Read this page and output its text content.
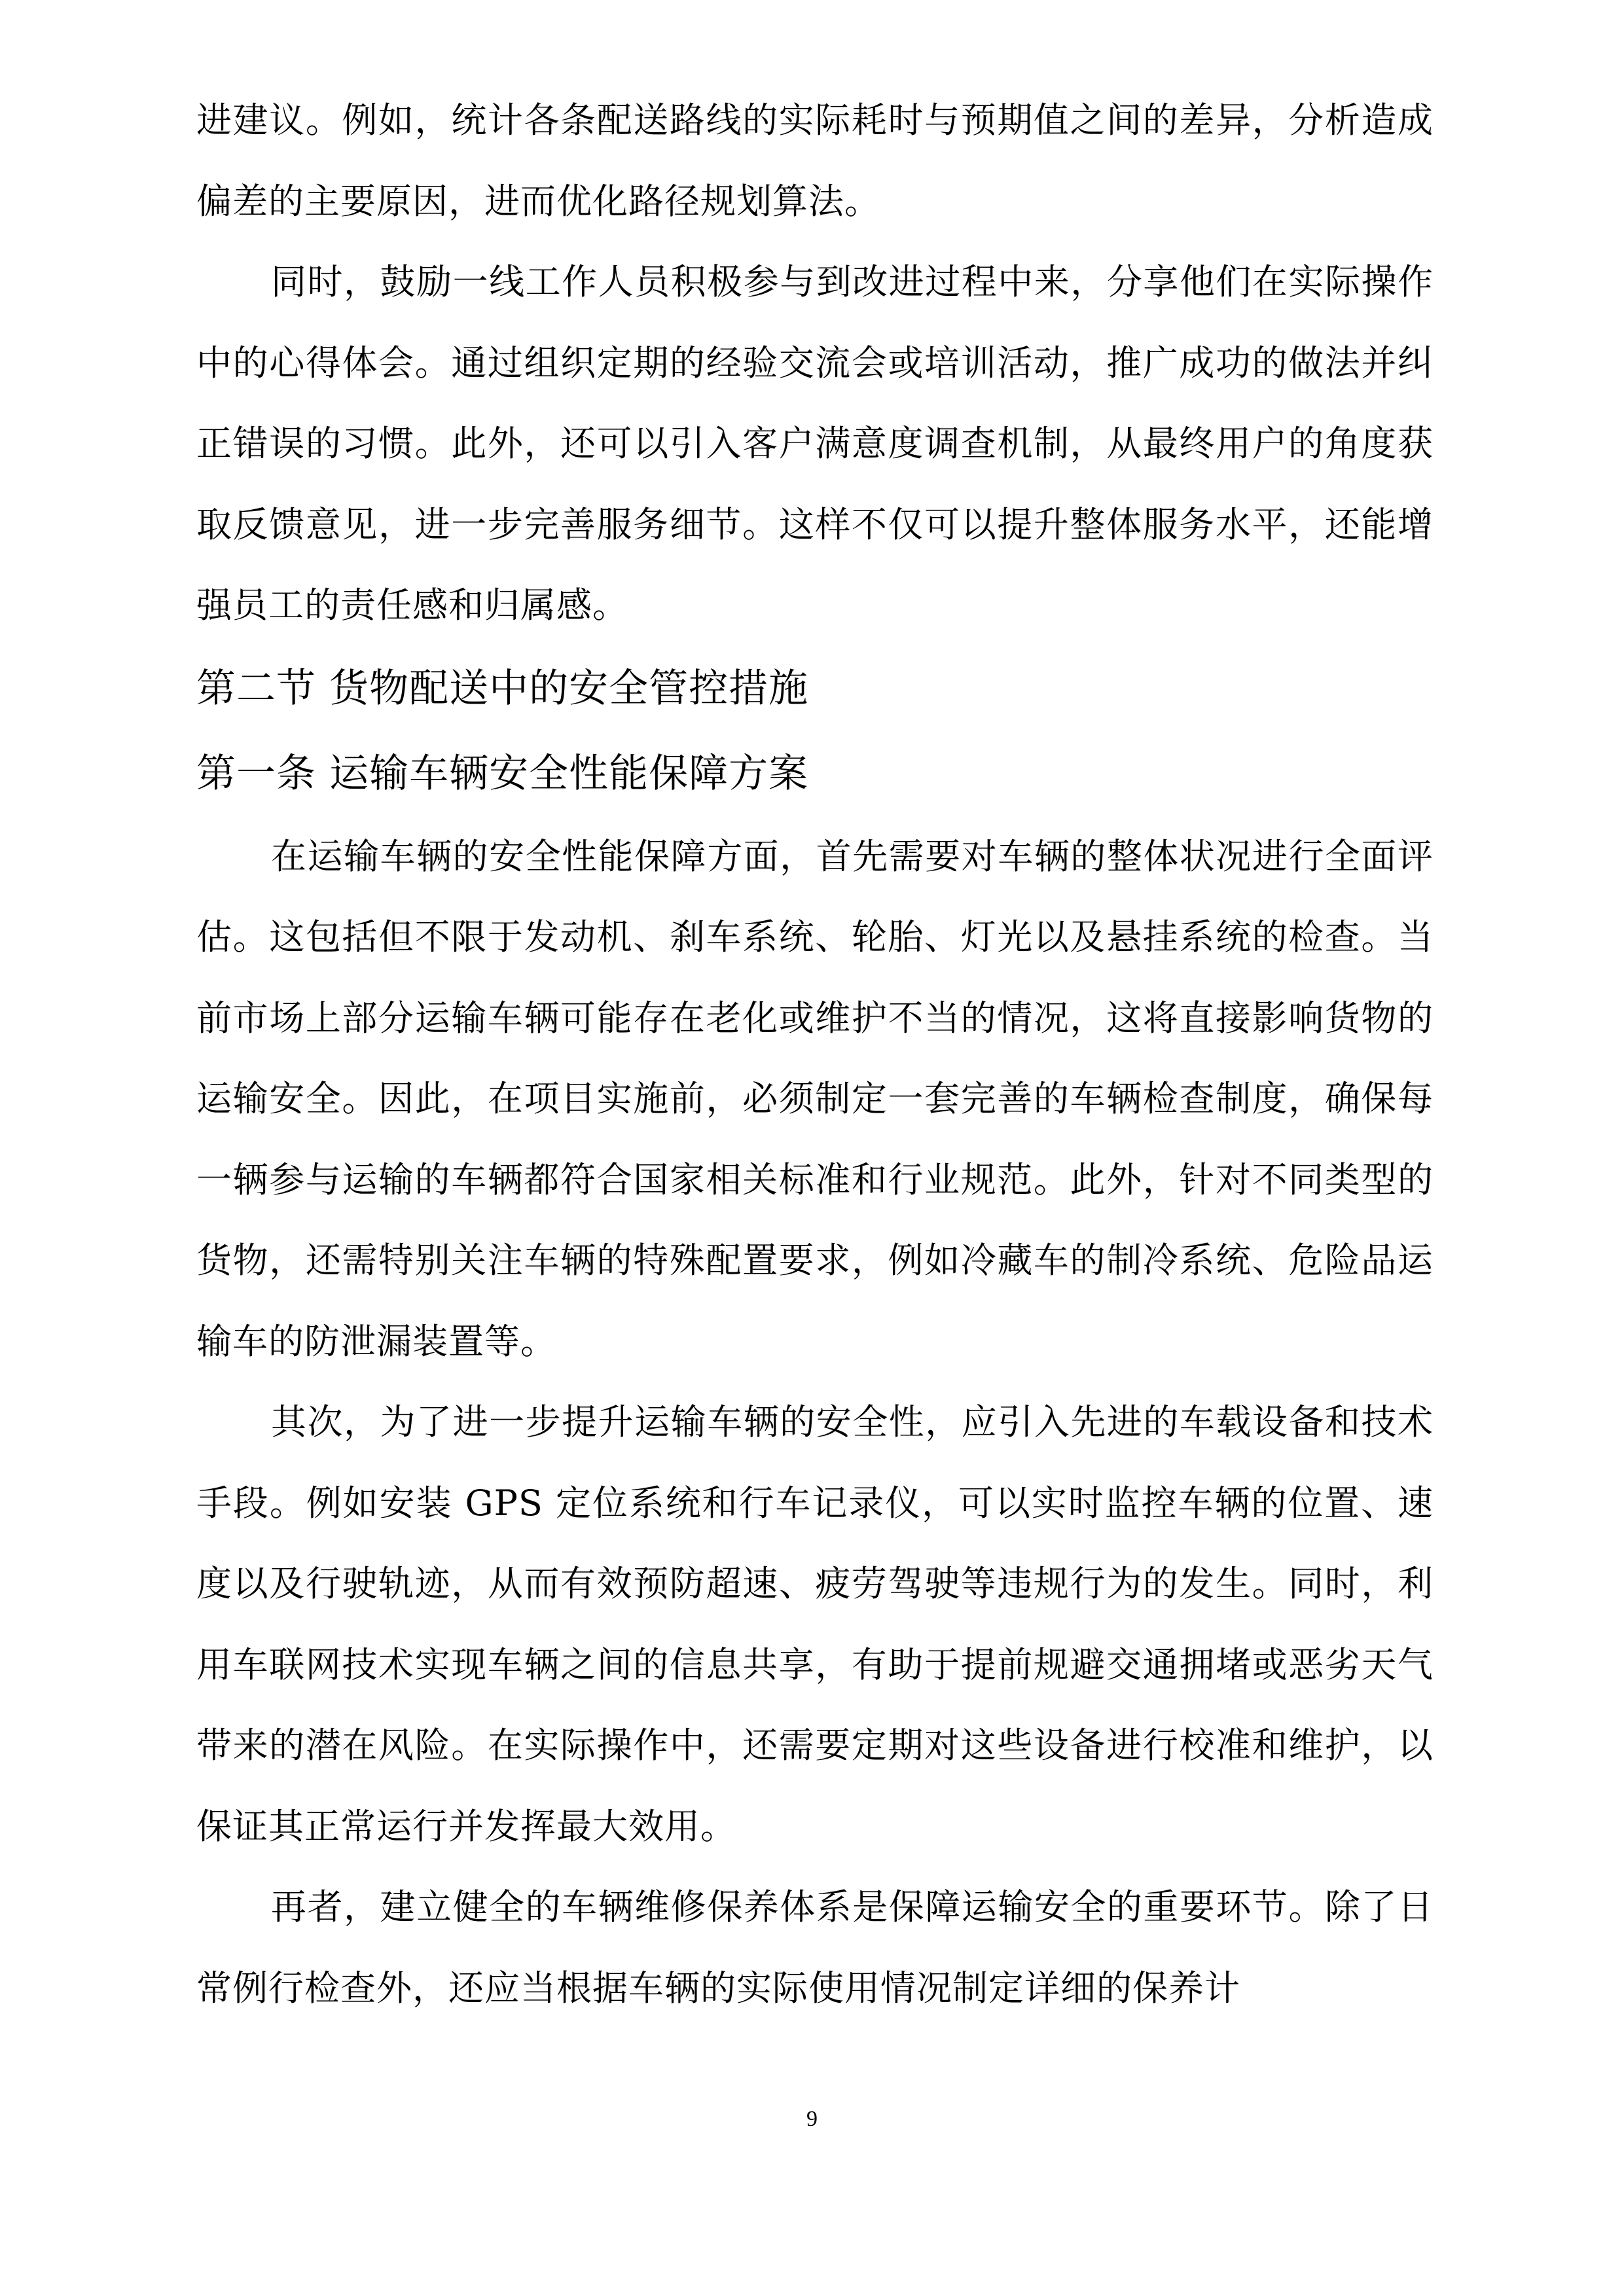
进建议。例如，统计各条配送路线的实际耗时与预期值之间的差异，分析造成偏差的主要原因，进而优化路径规划算法。

同时，鼓励一线工作人员积极参与到改进过程中来，分享他们在实际操作中的心得体会。通过组织定期的经验交流会或培训活动，推广成功的做法并纠正错误的习惯。此外，还可以引入客户满意度调查机制，从最终用户的角度获取反馈意见，进一步完善服务细节。这样不仅可以提升整体服务水平，还能增强员工的责任感和归属感。

第二节 货物配送中的安全管控措施
第一条 运输车辆安全性能保障方案

在运输车辆的安全性能保障方面，首先需要对车辆的整体状况进行全面评估。这包括但不限于发动机、刹车系统、轮胎、灯光以及悬挂系统的检查。当前市场上部分运输车辆可能存在老化或维护不当的情况，这将直接影响货物的运输安全。因此，在项目实施前，必须制定一套完善的车辆检查制度，确保每一辆参与运输的车辆都符合国家相关标准和行业规范。此外，针对不同类型的货物，还需特别关注车辆的特殊配置要求，例如冷藏车的制冷系统、危险品运输车的防泄漏装置等。

其次，为了进一步提升运输车辆的安全性，应引入先进的车载设备和技术手段。例如安装 GPS 定位系统和行车记录仪，可以实时监控车辆的位置、速度以及行驶轨迹，从而有效预防超速、疲劳驾驶等违规行为的发生。同时，利用车联网技术实现车辆之间的信息共享，有助于提前规避交通拥堵或恶劣天气带来的潜在风险。在实际操作中，还需要定期对这些设备进行校准和维护，以保证其正常运行并发挥最大效用。

再者，建立健全的车辆维修保养体系是保障运输安全的重要环节。除了日常例行检查外，还应当根据车辆的实际使用情况制定详细的保养计

9
